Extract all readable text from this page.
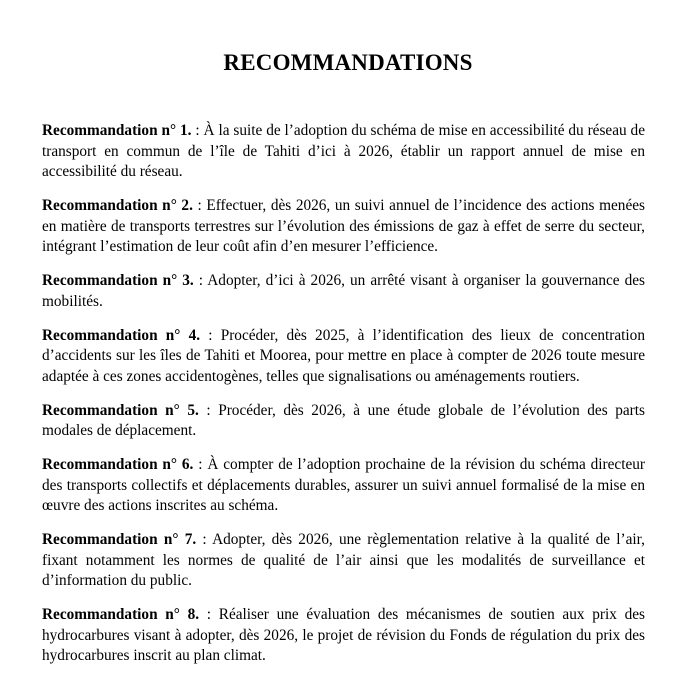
RECOMMANDATIONS

Recommandation n° 1. : À la suite de l’adoption du schéma de mise en accessibilité du réseau de transport en commun de l’île de Tahiti d’ici à 2026, établir un rapport annuel de mise en accessibilité du réseau.

Recommandation n° 2. : Effectuer, dès 2026, un suivi annuel de l’incidence des actions menées en matière de transports terrestres sur l’évolution des émissions de gaz à effet de serre du secteur, intégrant l’estimation de leur coût afin d’en mesurer l’efficience.

Recommandation n° 3. : Adopter, d’ici à 2026, un arrêté visant à organiser la gouvernance des mobilités.

Recommandation n° 4. : Procéder, dès 2025, à l’identification des lieux de concentration d’accidents sur les îles de Tahiti et Moorea, pour mettre en place à compter de 2026 toute mesure adaptée à ces zones accidentogènes, telles que signalisations ou aménagements routiers.

Recommandation n° 5. : Procéder, dès 2026, à une étude globale de l’évolution des parts modales de déplacement.

Recommandation n° 6. : À compter de l’adoption prochaine de la révision du schéma directeur des transports collectifs et déplacements durables, assurer un suivi annuel formalisé de la mise en œuvre des actions inscrites au schéma.

Recommandation n° 7. : Adopter, dès 2026, une règlementation relative à la qualité de l’air, fixant notamment les normes de qualité de l’air ainsi que les modalités de surveillance et d’information du public.

Recommandation n° 8. : Réaliser une évaluation des mécanismes de soutien aux prix des hydrocarbures visant à adopter, dès 2026, le projet de révision du Fonds de régulation du prix des hydrocarbures inscrit au plan climat.
